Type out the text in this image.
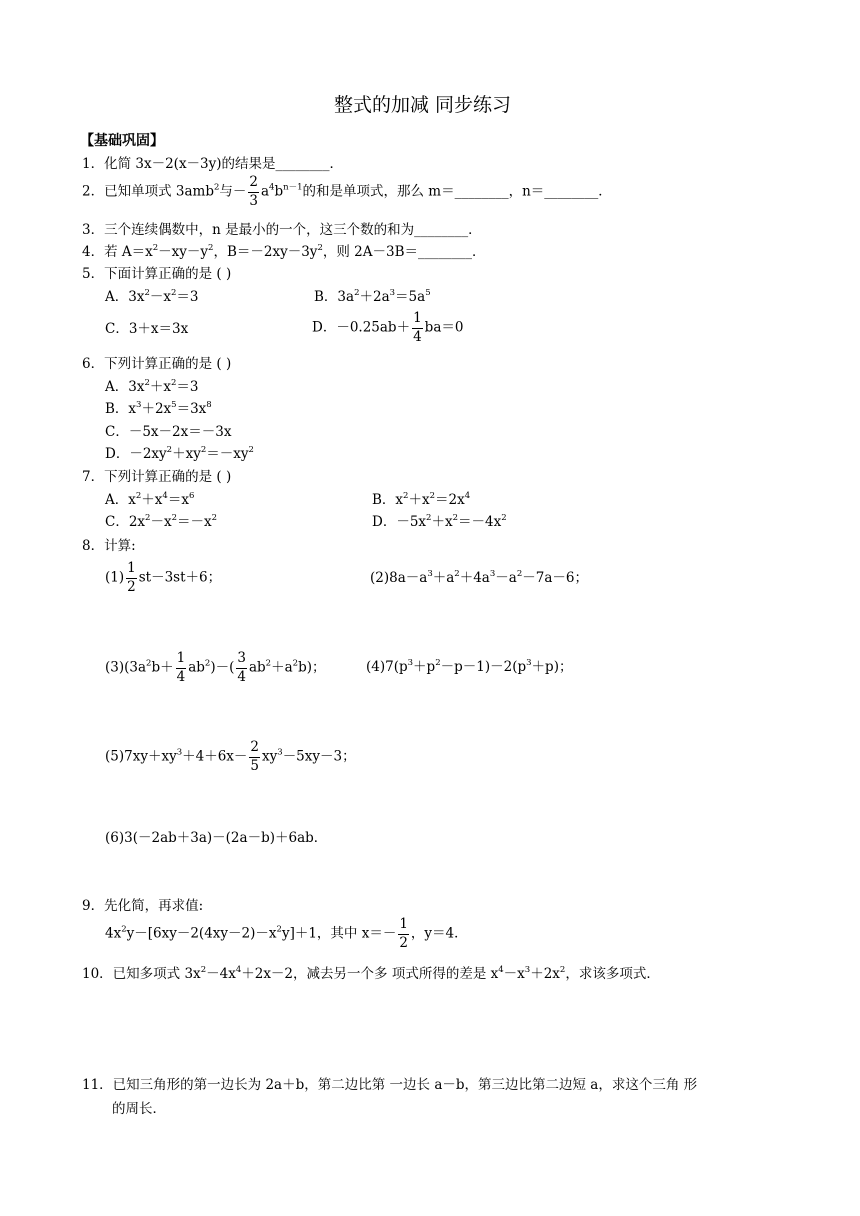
整式的加减 同步练习
【基础巩固】
1．化简 3x－2(x－3y)的结果是________．
2．已知单项式 3amb$^2$与－ $\frac{2}{3} a^4b^{n-1}$的和是单项式，那么 m＝________，n＝________．
3．三个连续偶数中，n 是最小的一个，这三个数的和为________．
4．若 $A=x^2-xy-y^2$，$B=-2xy-3y^2$，则 2A－3B＝________．
5．下面计算正确的是 ( )
A．$3x^2-x^2=3$	B．$3a^2+2a^3=5a^5$
C．3＋x＝3x	D．$-0.25ab+ \frac{1}{4} ba=0$
6．下列计算正确的是 ( )
A．$3x^2+x^2=3$
B．$x^3+2x^5=3x^8$
C．－5x－2x＝－3x
D．$-2xy^2+xy^2=-xy^2$
7．下列计算正确的是 ( )
A．$x^2+x^4=x^6$	B．$x^2+x^2=2x^4$
C．$2x^2-x^2=-x^2$	D．$-5x^2+x^2=-4x^2$
8．计算:
$(1) \frac{1}{2} st-3st+6$；	$(2)8a-a^3+a^2+4a^3-a^2-7a-6$；
$(3)(3a^2b+ \frac{1}{4} ab^2)-( \frac{3}{4} ab^2+a^2b)$；	$(4)7(p^3+p^2-p-1)-2(p^3+p)$；
$(5)7xy+xy^3+4+6x- \frac{2}{5} xy^3-5xy-3$；
(6)3(－2ab＋3a)－(2a－b)＋6ab．
9．先化简，再求值:
$4x^2y-[6xy-2(4xy-2)-x^2y]+1$，其中 $x=- \frac{1}{2}$ ，y＝4．
10．已知多项式 $3x^2-4x^4+2x-2$，减去另一个多 项式所得的差是 $x^4-x^3+2x^2$，求该多项式．
11．已知三角形的第一边长为 2a＋b，第二边比第 一边长 a－b，第三边比第二边短 a，求这个三角 形
的周长．
